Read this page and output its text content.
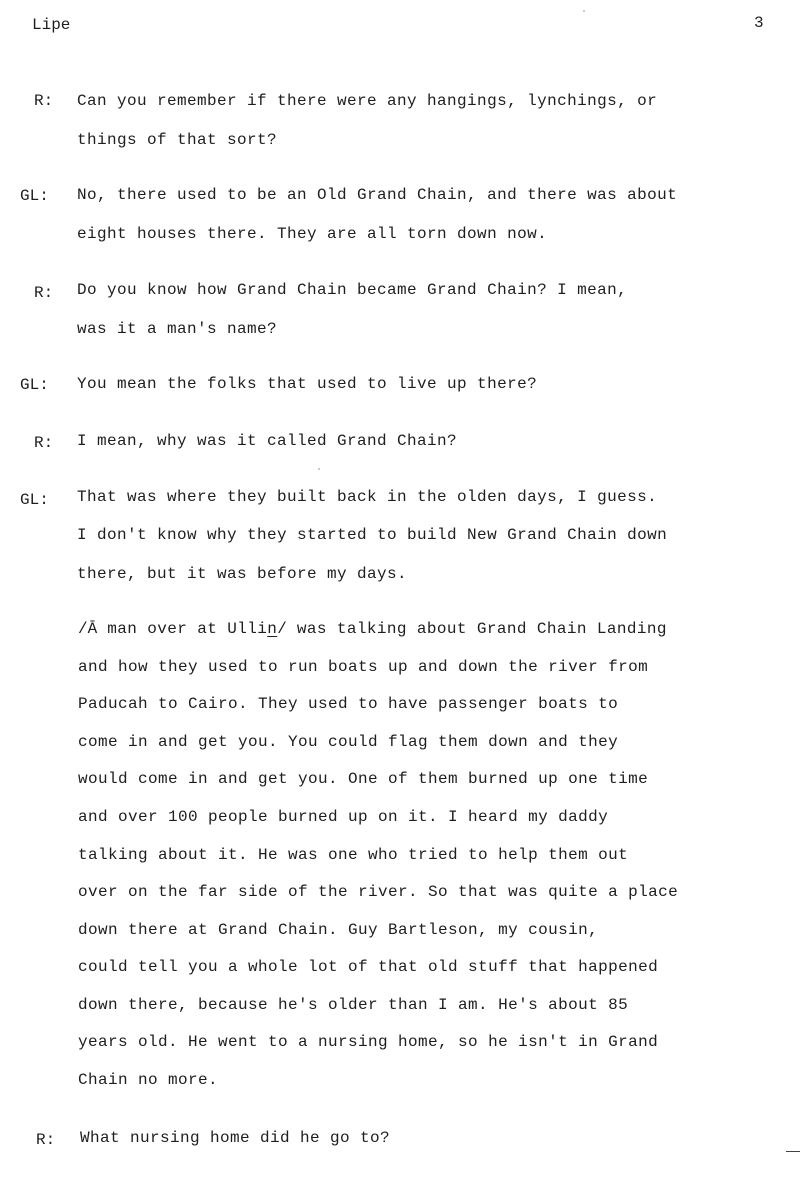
Lipe	3
R: Can you remember if there were any hangings, lynchings, or
things of that sort?
GL: No, there used to be an Old Grand Chain, and there was about
eight houses there. They are all torn down now.
R: Do you know how Grand Chain became Grand Chain? I mean,
was it a man's name?
GL: You mean the folks that used to live up there?
R: I mean, why was it called Grand Chain?
GL: That was where they built back in the olden days, I guess.
I don't know why they started to build New Grand Chain down
there, but it was before my days.
/Ā man over at Ullin/ was talking about Grand Chain Landing
and how they used to run boats up and down the river from
Paducah to Cairo. They used to have passenger boats to
come in and get you. You could flag them down and they
would come in and get you. One of them burned up one time
and over 100 people burned up on it. I heard my daddy
talking about it. He was one who tried to help them out
over on the far side of the river. So that was quite a place
down there at Grand Chain. Guy Bartleson, my cousin,
could tell you a whole lot of that old stuff that happened
down there, because he's older than I am. He's about 85
years old. He went to a nursing home, so he isn't in Grand
Chain no more.
R: What nursing home did he go to?
